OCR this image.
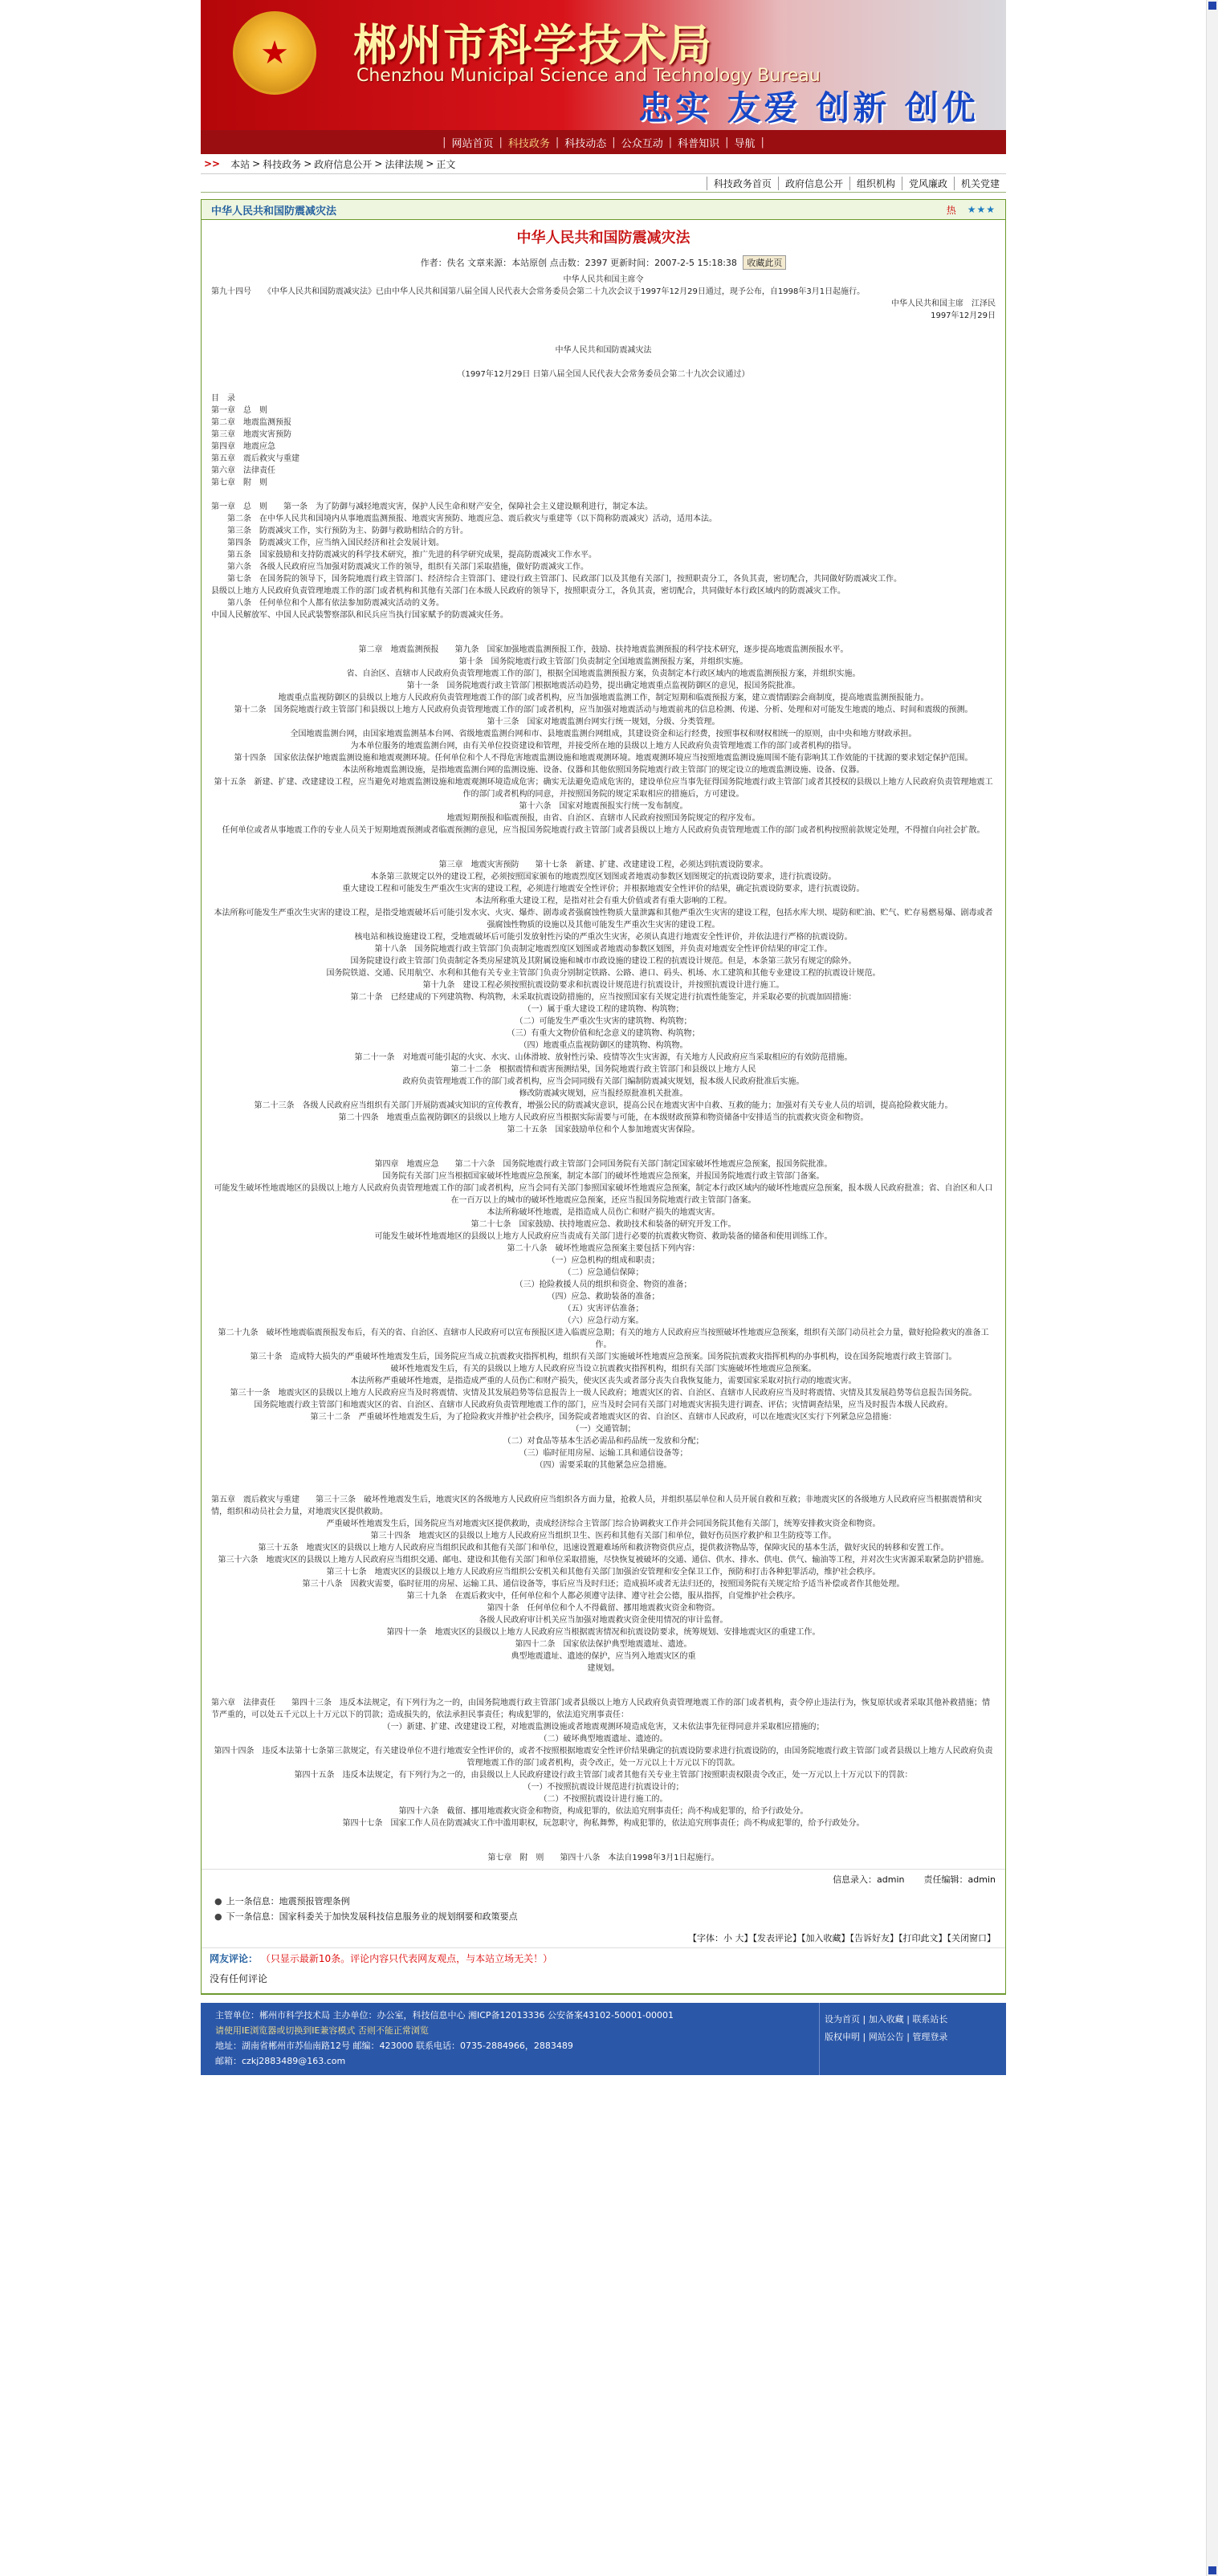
★	郴州市科学技术局
Chenzhou Municipal Science and Technology Bureau
忠实 友爱 创新 创优
| 网站首页 | 科技政务 | 科技动态 | 公众互动 | 科普知识 | 导航 |
>>	本站 > 科技政务 > 政府信息公开 > 法律法规 > 正文
科技政务首页	政府信息公开	组织机构	党风廉政	机关党建
中华人民共和国防震减灾法	热 ★★★
中华人民共和国防震减灾法
作者：佚名 文章来源：本站原创 点击数：2397 更新时间：2007-2-5 15:18:38 收藏此页
中华人民共和国主席令
第九十四号　　《中华人民共和国防震减灾法》已由中华人民共和国第八届全国人民代表大会常务委员会第二十九次会议于1997年12月29日通过，现予公布，自1998年3月1日起施行。
中华人民共和国主席　江泽民
1997年12月29日
中华人民共和国防震减灾法
（1997年12月29日 日第八届全国人民代表大会常务委员会第二十九次会议通过）
目　录
第一章　总　则
第二章　地震监测预报
第三章　地震灾害预防
第四章　地震应急
第五章　震后救灾与重建
第六章　法律责任
第七章　附　则
第一章　总　则　　第一条　为了防御与减轻地震灾害，保护人民生命和财产安全，保障社会主义建设顺利进行，制定本法。
　　第二条　在中华人民共和国境内从事地震监测预报、地震灾害预防、地震应急、震后救灾与重建等（以下简称防震减灾）活动，适用本法。
　　第三条　防震减灾工作，实行预防为主、防御与救助相结合的方针。
　　第四条　防震减灾工作，应当纳入国民经济和社会发展计划。
　　第五条　国家鼓励和支持防震减灾的科学技术研究，推广先进的科学研究成果，提高防震减灾工作水平。
　　第六条　各级人民政府应当加强对防震减灾工作的领导，组织有关部门采取措施，做好防震减灾工作。
　　第七条　在国务院的领导下，国务院地震行政主管部门、经济综合主管部门、建设行政主管部门、民政部门以及其他有关部门，按照职责分工，各负其责，密切配合，共同做好防震减灾工作。
县级以上地方人民政府负责管理地震工作的部门或者机构和其他有关部门在本级人民政府的领导下，按照职责分工，各负其责，密切配合，共同做好本行政区域内的防震减灾工作。
　　第八条　任何单位和个人都有依法参加防震减灾活动的义务。
中国人民解放军、中国人民武装警察部队和民兵应当执行国家赋予的防震减灾任务。
第二章　地震监测预报　　第九条　国家加强地震监测预报工作，鼓励、扶持地震监测预报的科学技术研究，逐步提高地震监测预报水平。
第十条　国务院地震行政主管部门负责制定全国地震监测预报方案，并组织实施。
省、自治区、直辖市人民政府负责管理地震工作的部门，根据全国地震监测预报方案，负责制定本行政区域内的地震监测预报方案，并组织实施。
第十一条　国务院地震行政主管部门根据地震活动趋势，提出确定地震重点监视防御区的意见，报国务院批准。
地震重点监视防御区的县级以上地方人民政府负责管理地震工作的部门或者机构，应当加强地震监测工作，制定短期和临震预报方案，建立震情跟踪会商制度，提高地震监测预报能力。
第十二条　国务院地震行政主管部门和县级以上地方人民政府负责管理地震工作的部门或者机构，应当加强对地震活动与地震前兆的信息检测、传递、分析、处理和对可能发生地震的地点、时间和震级的预测。
第十三条　国家对地震监测台网实行统一规划，分级、分类管理。
全国地震监测台网，由国家地震监测基本台网、省级地震监测台网和市、县地震监测台网组成，其建设资金和运行经费，按照事权和财权相统一的原则，由中央和地方财政承担。
为本单位服务的地震监测台网，由有关单位投资建设和管理，并接受所在地的县级以上地方人民政府负责管理地震工作的部门或者机构的指导。
第十四条　国家依法保护地震监测设施和地震观测环境。任何单位和个人不得危害地震监测设施和地震观测环境。地震观测环境应当按照地震监测设施周围不能有影响其工作效能的干扰源的要求划定保护范围。
本法所称地震监测设施，是指地震监测台网的监测设施、设备、仪器和其他依照国务院地震行政主管部门的规定设立的地震监测设施、设备、仪器。
第十五条　新建、扩建、改建建设工程，应当避免对地震监测设施和地震观测环境造成危害；确实无法避免造成危害的，建设单位应当事先征得国务院地震行政主管部门或者其授权的县级以上地方人民政府负责管理地震工作的部门或者机构的同意，并按照国务院的规定采取相应的措施后，方可建设。
第十六条　国家对地震预报实行统一发布制度。
地震短期预报和临震预报，由省、自治区、直辖市人民政府按照国务院规定的程序发布。
任何单位或者从事地震工作的专业人员关于短期地震预测或者临震预测的意见，应当报国务院地震行政主管部门或者县级以上地方人民政府负责管理地震工作的部门或者机构按照前款规定处理，不得擅自向社会扩散。
第三章　地震灾害预防　　第十七条　新建、扩建、改建建设工程，必须达到抗震设防要求。
本条第三款规定以外的建设工程，必须按照国家颁布的地震烈度区划图或者地震动参数区划图规定的抗震设防要求，进行抗震设防。
重大建设工程和可能发生严重次生灾害的建设工程，必须进行地震安全性评价；并根据地震安全性评价的结果，确定抗震设防要求，进行抗震设防。
本法所称重大建设工程，是指对社会有重大价值或者有重大影响的工程。
本法所称可能发生严重次生灾害的建设工程，是指受地震破坏后可能引发水灾、火灾、爆炸、剧毒或者强腐蚀性物质大量泄露和其他严重次生灾害的建设工程，包括水库大坝、堤防和贮油、贮气、贮存易燃易爆、剧毒或者强腐蚀性物质的设施以及其他可能发生严重次生灾害的建设工程。
核电站和核设施建设工程，受地震破坏后可能引发放射性污染的严重次生灾害，必须认真进行地震安全性评价，并依法进行严格的抗震设防。
第十八条　国务院地震行政主管部门负责制定地震烈度区划图或者地震动参数区划图，并负责对地震安全性评价结果的审定工作。
国务院建设行政主管部门负责制定各类房屋建筑及其附属设施和城市市政设施的建设工程的抗震设计规范。但是，本条第三款另有规定的除外。
国务院铁道、交通、民用航空、水利和其他有关专业主管部门负责分别制定铁路、公路、港口、码头、机场、水工建筑和其他专业建设工程的抗震设计规范。
第十九条　建设工程必须按照抗震设防要求和抗震设计规范进行抗震设计，并按照抗震设计进行施工。
第二十条　已经建成的下列建筑物、构筑物，未采取抗震设防措施的，应当按照国家有关规定进行抗震性能鉴定，并采取必要的抗震加固措施：
（一）属于重大建设工程的建筑物、构筑物；
（二）可能发生严重次生灾害的建筑物、构筑物；
（三）有重大文物价值和纪念意义的建筑物、构筑物；
（四）地震重点监视防御区的建筑物、构筑物。
第二十一条　对地震可能引起的火灾、水灾、山体滑坡、放射性污染、疫情等次生灾害源，有关地方人民政府应当采取相应的有效防范措施。
第二十二条　根据震情和震害预测结果，国务院地震行政主管部门和县级以上地方人民
政府负责管理地震工作的部门或者机构，应当会同同级有关部门编制防震减灾规划，报本级人民政府批准后实施。
修改防震减灾规划，应当报经原批准机关批准。
第二十三条　各级人民政府应当组织有关部门开展防震减灾知识的宣传教育，增强公民的防震减灾意识，提高公民在地震灾害中自救、互救的能力；加强对有关专业人员的培训，提高抢险救灾能力。
第二十四条　地震重点监视防御区的县级以上地方人民政府应当根据实际需要与可能，在本级财政预算和物资储备中安排适当的抗震救灾资金和物资。
第二十五条　国家鼓励单位和个人参加地震灾害保险。
第四章　地震应急　　第二十六条　国务院地震行政主管部门会同国务院有关部门制定国家破坏性地震应急预案，报国务院批准。
国务院有关部门应当根据国家破坏性地震应急预案，制定本部门的破坏性地震应急预案，并报国务院地震行政主管部门备案。
可能发生破坏性地震地区的县级以上地方人民政府负责管理地震工作的部门或者机构，应当会同有关部门参照国家破坏性地震应急预案，制定本行政区域内的破坏性地震应急预案，报本级人民政府批准；省、自治区和人口在一百万以上的城市的破坏性地震应急预案，还应当报国务院地震行政主管部门备案。
本法所称破坏性地震，是指造成人员伤亡和财产损失的地震灾害。
第二十七条　国家鼓励、扶持地震应急、救助技术和装备的研究开发工作。
可能发生破坏性地震地区的县级以上地方人民政府应当责成有关部门进行必要的抗震救灾物资、救助装备的储备和使用训练工作。
第二十八条　破坏性地震应急预案主要包括下列内容：
（一）应急机构的组成和职责；
（二）应急通信保障；
（三）抢险救援人员的组织和资金、物资的准备；
（四）应急、救助装备的准备；
（五）灾害评估准备；
（六）应急行动方案。
第二十九条　破坏性地震临震预报发布后，有关的省、自治区、直辖市人民政府可以宣布预报区进入临震应急期；有关的地方人民政府应当按照破坏性地震应急预案，组织有关部门动员社会力量，做好抢险救灾的准备工作。
第三十条　造成特大损失的严重破坏性地震发生后，国务院应当成立抗震救灾指挥机构，组织有关部门实施破坏性地震应急预案。国务院抗震救灾指挥机构的办事机构，设在国务院地震行政主管部门。
破坏性地震发生后，有关的县级以上地方人民政府应当设立抗震救灾指挥机构，组织有关部门实施破坏性地震应急预案。
本法所称严重破坏性地震，是指造成严重的人员伤亡和财产损失，使灾区丧失或者部分丧失自我恢复能力，需要国家采取对抗行动的地震灾害。
第三十一条　地震灾区的县级以上地方人民政府应当及时将震情、灾情及其发展趋势等信息报告上一级人民政府；地震灾区的省、自治区、直辖市人民政府应当及时将震情、灾情及其发展趋势等信息报告国务院。
国务院地震行政主管部门和地震灾区的省、自治区、直辖市人民政府负责管理地震工作的部门，应当及时会同有关部门对地震灾害损失进行调查、评估；灾情调查结果，应当及时报告本级人民政府。
第三十二条　严重破坏性地震发生后，为了抢险救灾并维护社会秩序，国务院或者地震灾区的省、自治区、直辖市人民政府，可以在地震灾区实行下列紧急应急措施：
（一）交通管制；
（二）对食品等基本生活必需品和药品统一发放和分配；
（三）临时征用房屋、运输工具和通信设备等；
（四）需要采取的其他紧急应急措施。
第五章　震后救灾与重建　　第三十三条　破坏性地震发生后，地震灾区的各级地方人民政府应当组织各方面力量，抢救人员，并组织基层单位和人员开展自救和互救；非地震灾区的各级地方人民政府应当根据震情和灾情，组织和动员社会力量，对地震灾区提供救助。
严重破坏性地震发生后，国务院应当对地震灾区提供救助，责成经济综合主管部门综合协调救灾工作并会同国务院其他有关部门，统筹安排救灾资金和物资。
第三十四条　地震灾区的县级以上地方人民政府应当组织卫生、医药和其他有关部门和单位，做好伤员医疗救护和卫生防疫等工作。
第三十五条　地震灾区的县级以上地方人民政府应当组织民政和其他有关部门和单位，迅速设置避难场所和救济物资供应点，提供救济物品等，保障灾民的基本生活，做好灾民的转移和安置工作。
第三十六条　地震灾区的县级以上地方人民政府应当组织交通、邮电、建设和其他有关部门和单位采取措施，尽快恢复被破坏的交通、通信、供水、排水、供电、供气、输油等工程，并对次生灾害源采取紧急防护措施。
第三十七条　地震灾区的县级以上地方人民政府应当组织公安机关和其他有关部门加强治安管理和安全保卫工作，预防和打击各种犯罪活动，维护社会秩序。
第三十八条　因救灾需要，临时征用的房屋、运输工具、通信设备等，事后应当及时归还；造成损坏或者无法归还的，按照国务院有关规定给予适当补偿或者作其他处理。
第三十九条　在震后救灾中，任何单位和个人都必须遵守法律、遵守社会公德，服从指挥，自觉维护社会秩序。
第四十条　任何单位和个人不得截留、挪用地震救灾资金和物资。
各级人民政府审计机关应当加强对地震救灾资金使用情况的审计监督。
第四十一条　地震灾区的县级以上地方人民政府应当根据震害情况和抗震设防要求，统筹规划、安排地震灾区的重建工作。
第四十二条　国家依法保护典型地震遗址、遗迹。
典型地震遗址、遗迹的保护，应当列入地震灾区的重
建规划。
第六章　法律责任　　第四十三条　违反本法规定，有下列行为之一的，由国务院地震行政主管部门或者县级以上地方人民政府负责管理地震工作的部门或者机构，责令停止违法行为，恢复原状或者采取其他补救措施；情节严重的，可以处五千元以上十万元以下的罚款；造成损失的，依法承担民事责任；构成犯罪的，依法追究刑事责任：
（一）新建、扩建、改建建设工程，对地震监测设施或者地震观测环境造成危害，又未依法事先征得同意并采取相应措施的；
（二）破坏典型地震遗址、遗迹的。
第四十四条　违反本法第十七条第三款规定，有关建设单位不进行地震安全性评价的，或者不按照根据地震安全性评价结果确定的抗震设防要求进行抗震设防的，由国务院地震行政主管部门或者县级以上地方人民政府负责管理地震工作的部门或者机构，责令改正，处一万元以上十万元以下的罚款。
第四十五条　违反本法规定，有下列行为之一的，由县级以上人民政府建设行政主管部门或者其他有关专业主管部门按照职责权限责令改正，处一万元以上十万元以下的罚款：
（一）不按照抗震设计规范进行抗震设计的；
（二）不按照抗震设计进行施工的。
第四十六条　截留、挪用地震救灾资金和物资，构成犯罪的，依法追究刑事责任；尚不构成犯罪的，给予行政处分。
第四十七条　国家工作人员在防震减灾工作中滥用职权，玩忽职守，徇私舞弊，构成犯罪的，依法追究刑事责任；尚不构成犯罪的，给予行政处分。
第七章　附　则　　第四十八条　本法自1998年3月1日起施行。
信息录入：admin 责任编辑：admin
● 上一条信息：地震预报管理条例
● 下一条信息：国家科委关于加快发展科技信息服务业的规划纲要和政策要点
【字体：小 大】【发表评论】【加入收藏】【告诉好友】【打印此文】【关闭窗口】
网友评论： （只显示最新10条。评论内容只代表网友观点，与本站立场无关！）
没有任何评论
主管单位：郴州市科学技术局 主办单位：办公室，科技信息中心 湘ICP备12013336 公安备案43102-50001-00001
请使用IE浏览器或切换到IE兼容模式 否则不能正常浏览
地址：湖南省郴州市苏仙南路12号 邮编：423000 联系电话：0735-2884966，2883489
邮箱：czkj2883489@163.com
设为首页 | 加入收藏 | 联系站长
版权申明 | 网站公告 | 管理登录
